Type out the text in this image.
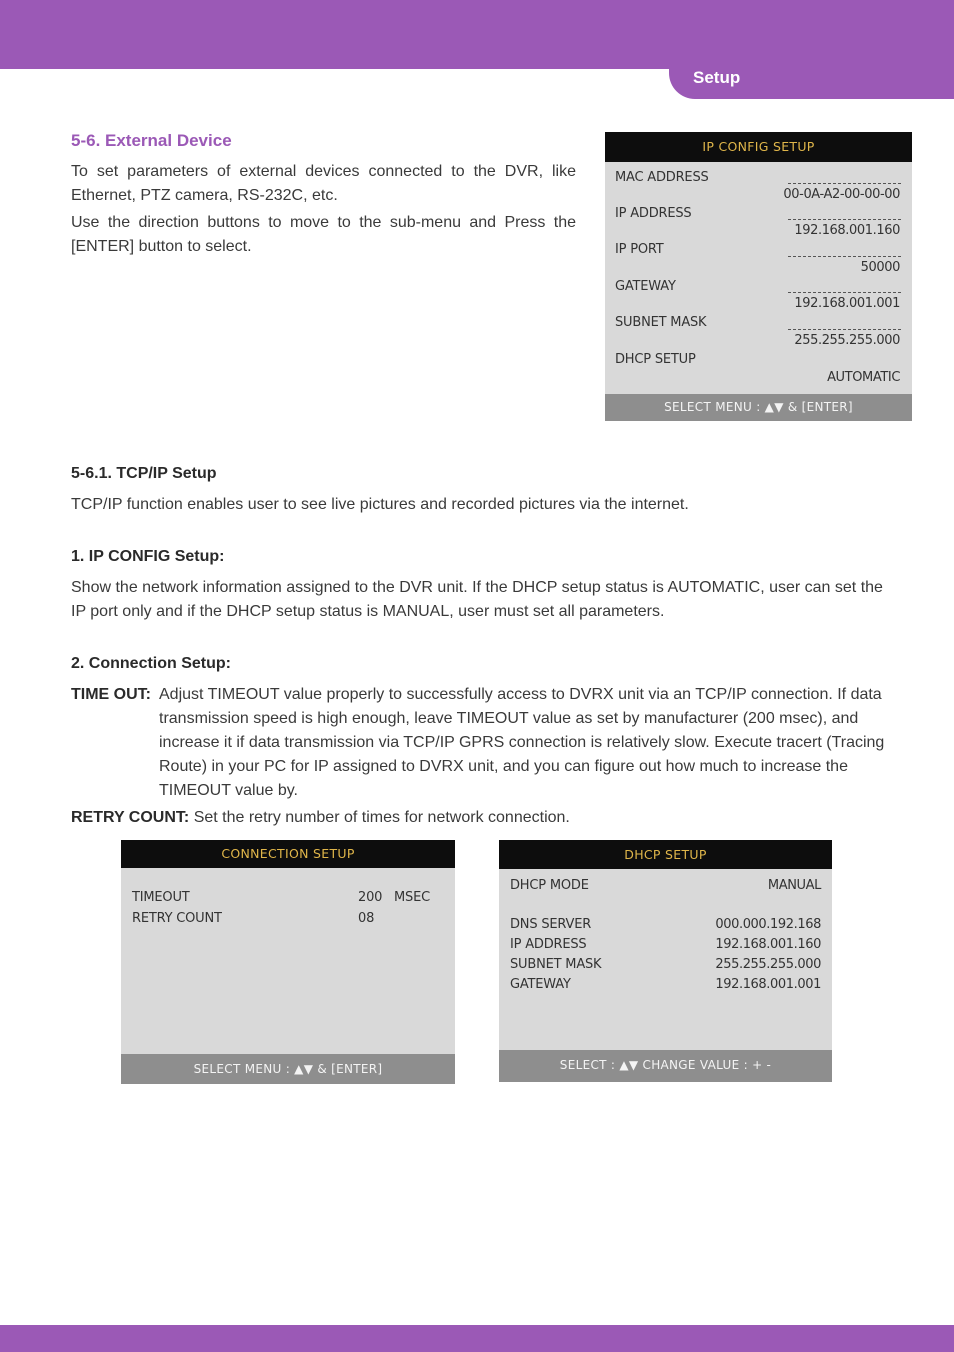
Setup
5-6. External Device
To set parameters of external devices connected to the DVR, like Ethernet, PTZ camera, RS-232C, etc.
Use the direction buttons to move to the sub-menu and Press the [ENTER] button to select.
IP CONFIG SETUP
MAC ADDRESS
00-0A-A2-00-00-00
IP ADDRESS
192.168.001.160
IP PORT
50000
GATEWAY
192.168.001.001
SUBNET MASK
255.255.255.000
DHCP SETUP
AUTOMATIC
SELECT MENU : ▲▼ & [ENTER]
5-6.1. TCP/IP Setup
TCP/IP function enables user to see live pictures and recorded pictures via the internet.
1. IP CONFIG Setup:
Show the network information assigned to the DVR unit. If the DHCP setup status is AUTOMATIC, user can set the IP port only and if the DHCP setup status is MANUAL, user must set all parameters.
2. Connection Setup:
TIME OUT: Adjust TIMEOUT value properly to successfully access to DVRX unit via an TCP/IP connection. If data transmission speed is high enough, leave TIMEOUT value as set by manufacturer (200 msec), and increase it if data transmission via TCP/IP GPRS connection is relatively slow. Execute tracert (Tracing Route) in your PC for IP assigned to DVRX unit, and you can figure out how much to increase the TIMEOUT value by.
RETRY COUNT: Set the retry number of times for network connection.
CONNECTION SETUP
TIMEOUT	200 MSEC
RETRY COUNT	08
SELECT MENU : ▲▼ & [ENTER]
DHCP SETUP
DHCP MODE	MANUAL
DNS SERVER	000.000.192.168
IP ADDRESS	192.168.001.160
SUBNET MASK	255.255.255.000
GATEWAY	192.168.001.001
SELECT : ▲▼ CHANGE VALUE : + -
